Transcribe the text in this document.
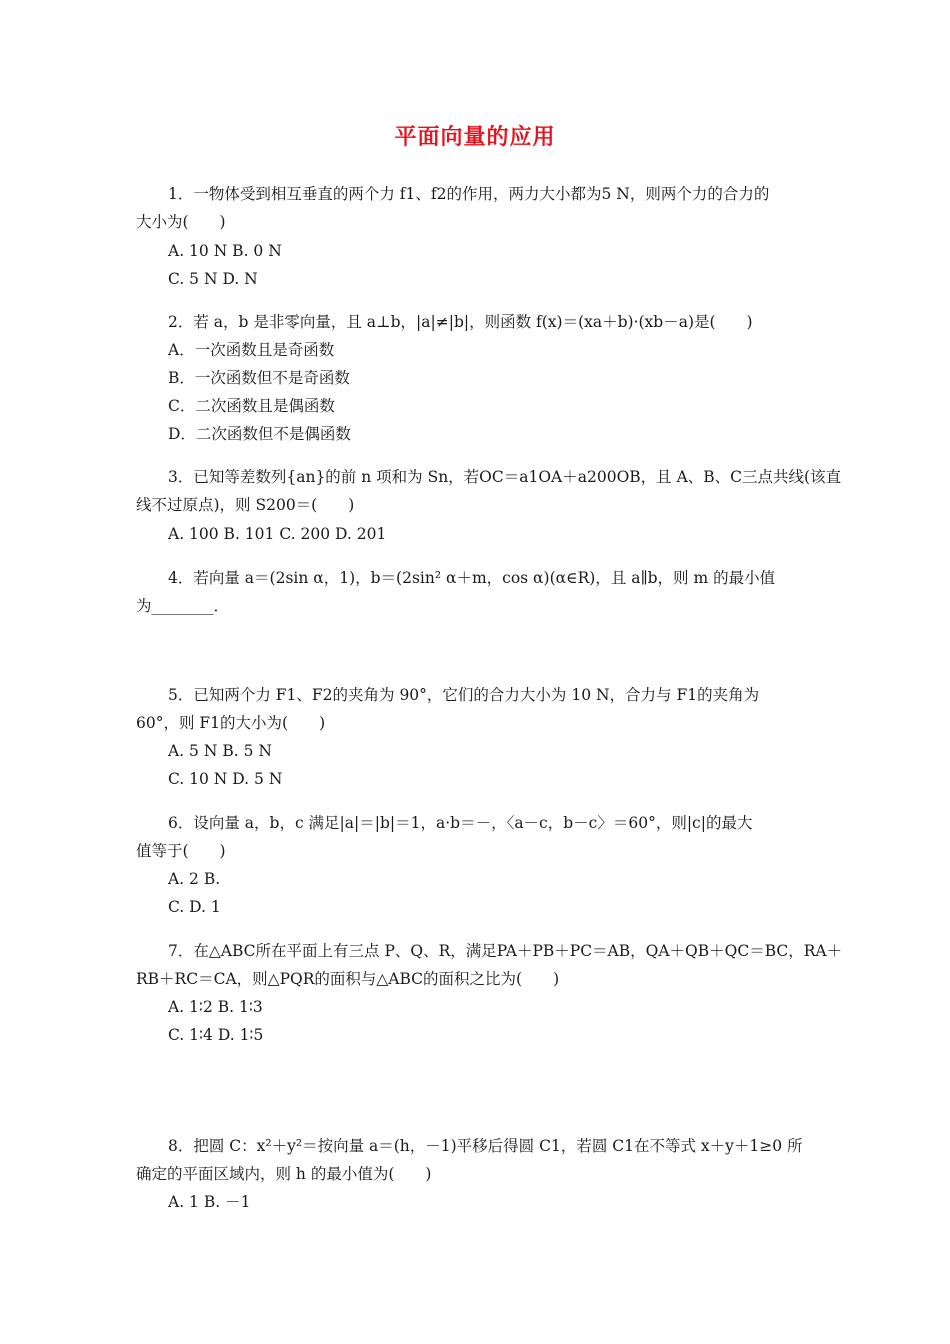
平面向量的应用
1．一物体受到相互垂直的两个力 f1、f2的作用，两力大小都为5 N，则两个力的合力的
大小为(　　)
A. 10 N B. 0 N
C. 5 N D. N
2．若 a，b 是非零向量，且 a⊥b，|a|≠|b|，则函数 f(x)＝(xa＋b)·(xb－a)是(　　)
A．一次函数且是奇函数
B．一次函数但不是奇函数
C．二次函数且是偶函数
D．二次函数但不是偶函数
3．已知等差数列{an}的前 n 项和为 Sn，若OC＝a1OA＋a200OB，且 A、B、C三点共线(该直
线不过原点)，则 S200＝(　　)
A. 100 B. 101 C. 200 D. 201
4．若向量 a＝(2sin α，1)，b＝(2sin² α＋m，cos α)(α∈R)，且 a∥b，则 m 的最小值
为________．
5．已知两个力 F1、F2的夹角为 90°，它们的合力大小为 10 N，合力与 F1的夹角为
60°，则 F1的大小为(　　)
A. 5 N B. 5 N
C. 10 N D. 5 N
6．设向量 a，b，c 满足|a|＝|b|＝1，a·b＝－，〈a－c，b－c〉＝60°，则|c|的最大
值等于(　　)
A. 2 B.
C. D. 1
7．在△ABC所在平面上有三点 P、Q、R，满足PA＋PB＋PC＝AB，QA＋QB＋QC＝BC，RA＋
RB＋RC＝CA，则△PQR的面积与△ABC的面积之比为(　　)
A. 1∶2 B. 1∶3
C. 1∶4 D. 1∶5
8．把圆 C：x²＋y²＝按向量 a＝(h，－1)平移后得圆 C1，若圆 C1在不等式 x＋y＋1≥0 所
确定的平面区域内，则 h 的最小值为(　　)
A. 1 B. －1
